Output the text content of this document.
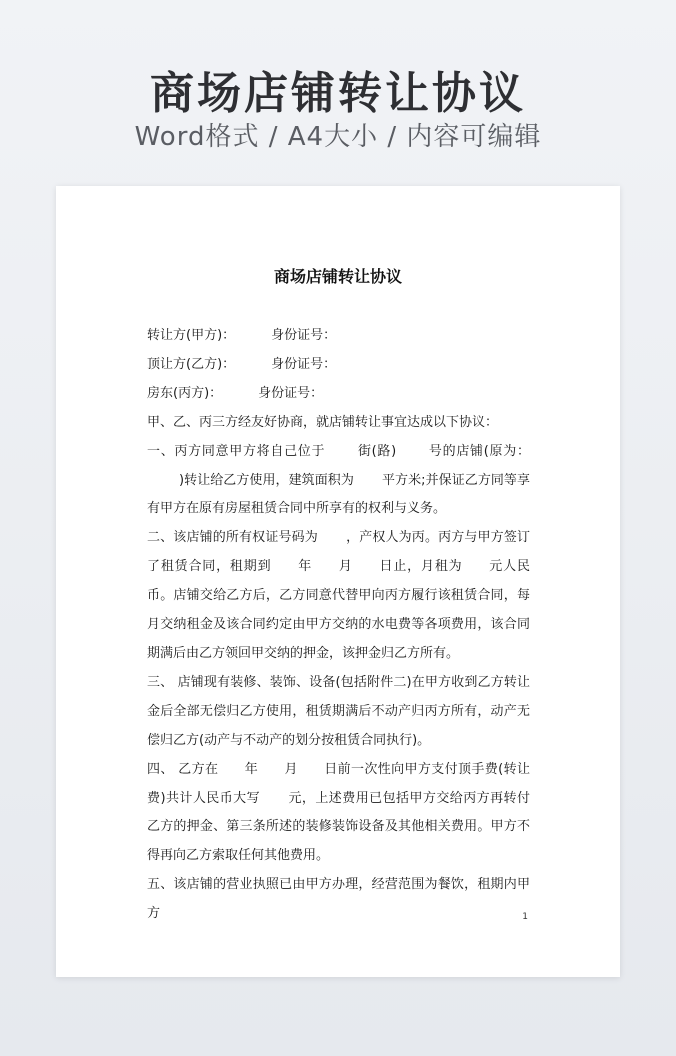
商场店铺转让协议
Word格式 / A4大小 / 内容可编辑
商场店铺转让协议

转让方(甲方)：	身份证号：

顶让方(乙方)：	身份证号：

房东(丙方)：	身份证号：

甲、乙、丙三方经友好协商，就店铺转让事宜达成以下协议：

一、丙方同意甲方将自己位于 街(路) 号的店铺(原为：)转让给乙方使用，建筑面积为 平方米;并保证乙方同等享有甲方在原有房屋租赁合同中所享有的权利与义务。

二、该店铺的所有权证号码为 ，产权人为丙。丙方与甲方签订了租赁合同，租期到 年 月 日止，月租为 元人民币。店铺交给乙方后，乙方同意代替甲向丙方履行该租赁合同，每月交纳租金及该合同约定由甲方交纳的水电费等各项费用，该合同期满后由乙方领回甲交纳的押金，该押金归乙方所有。

三、 店铺现有装修、装饰、设备(包括附件二)在甲方收到乙方转让金后全部无偿归乙方使用，租赁期满后不动产归丙方所有，动产无偿归乙方(动产与不动产的划分按租赁合同执行)。

四、 乙方在 年 月 日前一次性向甲方支付顶手费(转让费)共计人民币大写 元，上述费用已包括甲方交给丙方再转付乙方的押金、第三条所述的装修装饰设备及其他相关费用。甲方不得再向乙方索取任何其他费用。

五、该店铺的营业执照已由甲方办理，经营范围为餐饮，租期内甲方	1
